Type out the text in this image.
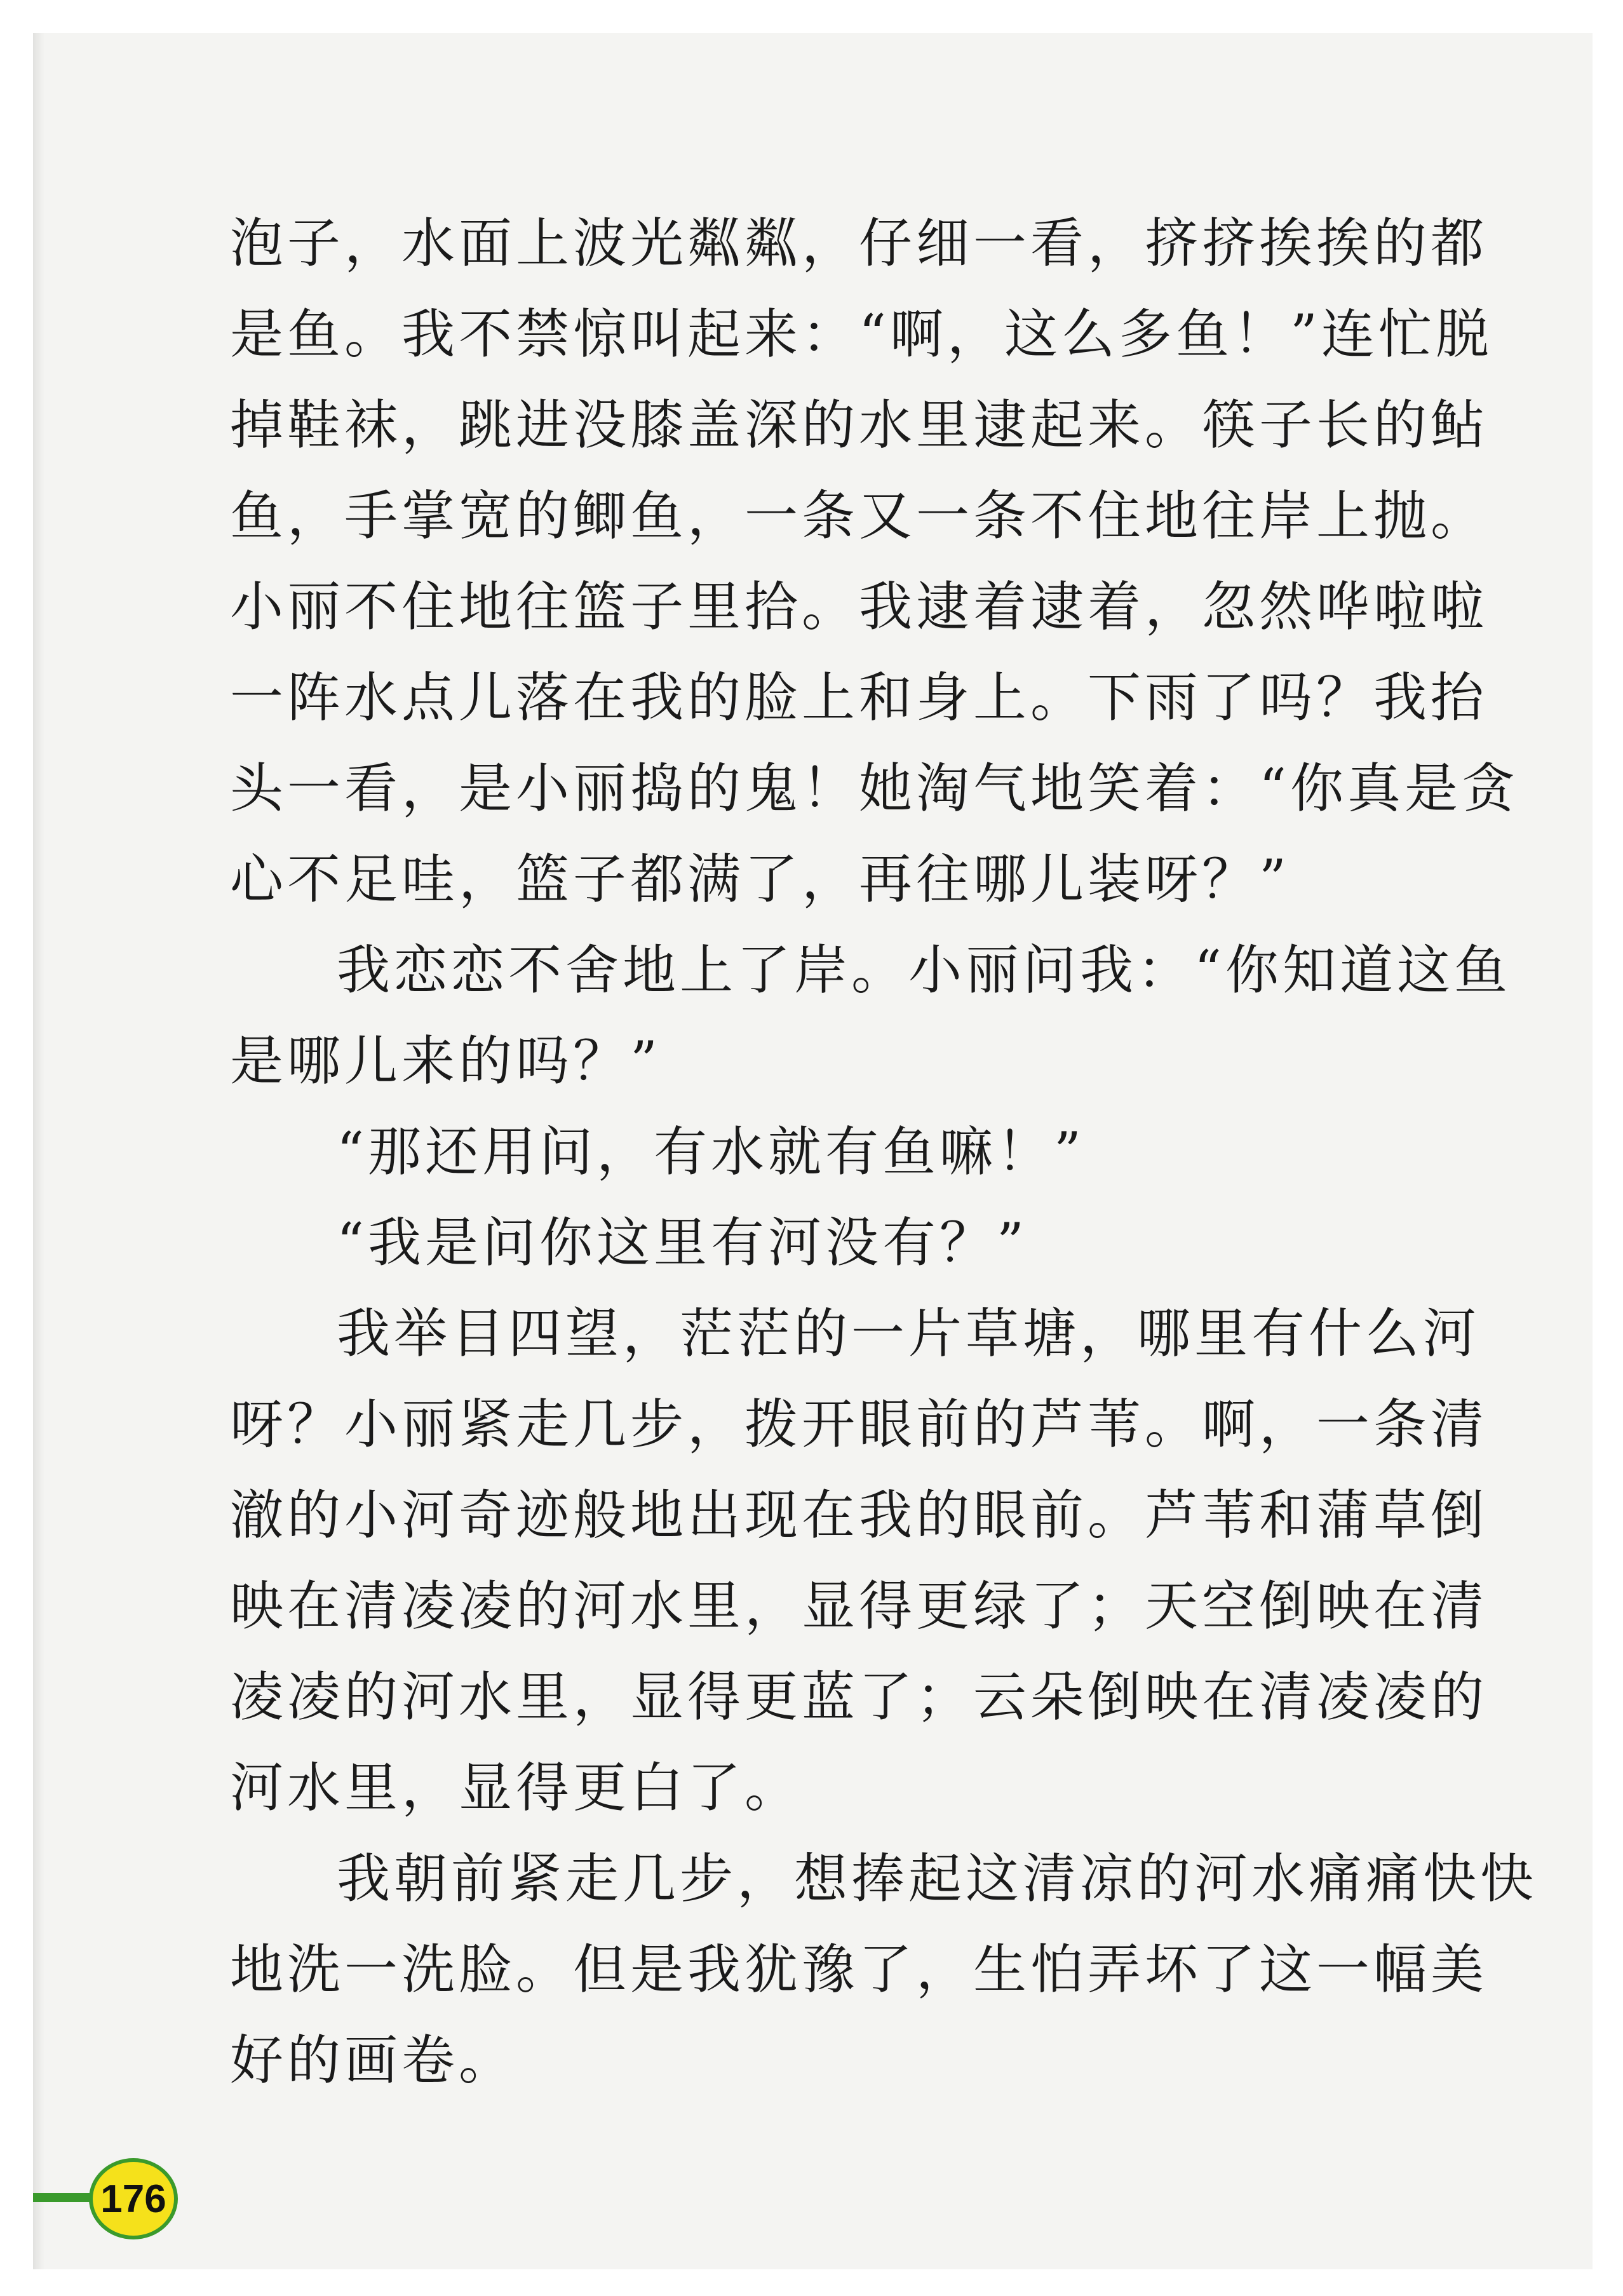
泡子，水面上波光粼粼，仔细一看，挤挤挨挨的都是鱼。我不禁惊叫起来：“啊，这么多鱼！”连忙脱掉鞋袜，跳进没膝盖深的水里逮起来。筷子长的鲇鱼，手掌宽的鲫鱼，一条又一条不住地往岸上抛。小丽不住地往篮子里拾。我逮着逮着，忽然哗啦啦一阵水点儿落在我的脸上和身上。下雨了吗？我抬头一看，是小丽捣的鬼！她淘气地笑着：“你真是贪心不足哇，篮子都满了，再往哪儿装呀？”

我恋恋不舍地上了岸。小丽问我：“你知道这鱼是哪儿来的吗？”

“那还用问，有水就有鱼嘛！”

“我是问你这里有河没有？”

我举目四望，茫茫的一片草塘，哪里有什么河呀？小丽紧走几步，拨开眼前的芦苇。啊，一条清澈的小河奇迹般地出现在我的眼前。芦苇和蒲草倒映在清凌凌的河水里，显得更绿了；天空倒映在清凌凌的河水里，显得更蓝了；云朵倒映在清凌凌的河水里，显得更白了。

我朝前紧走几步，想捧起这清凉的河水痛痛快快地洗一洗脸。但是我犹豫了，生怕弄坏了这一幅美好的画卷。

176
